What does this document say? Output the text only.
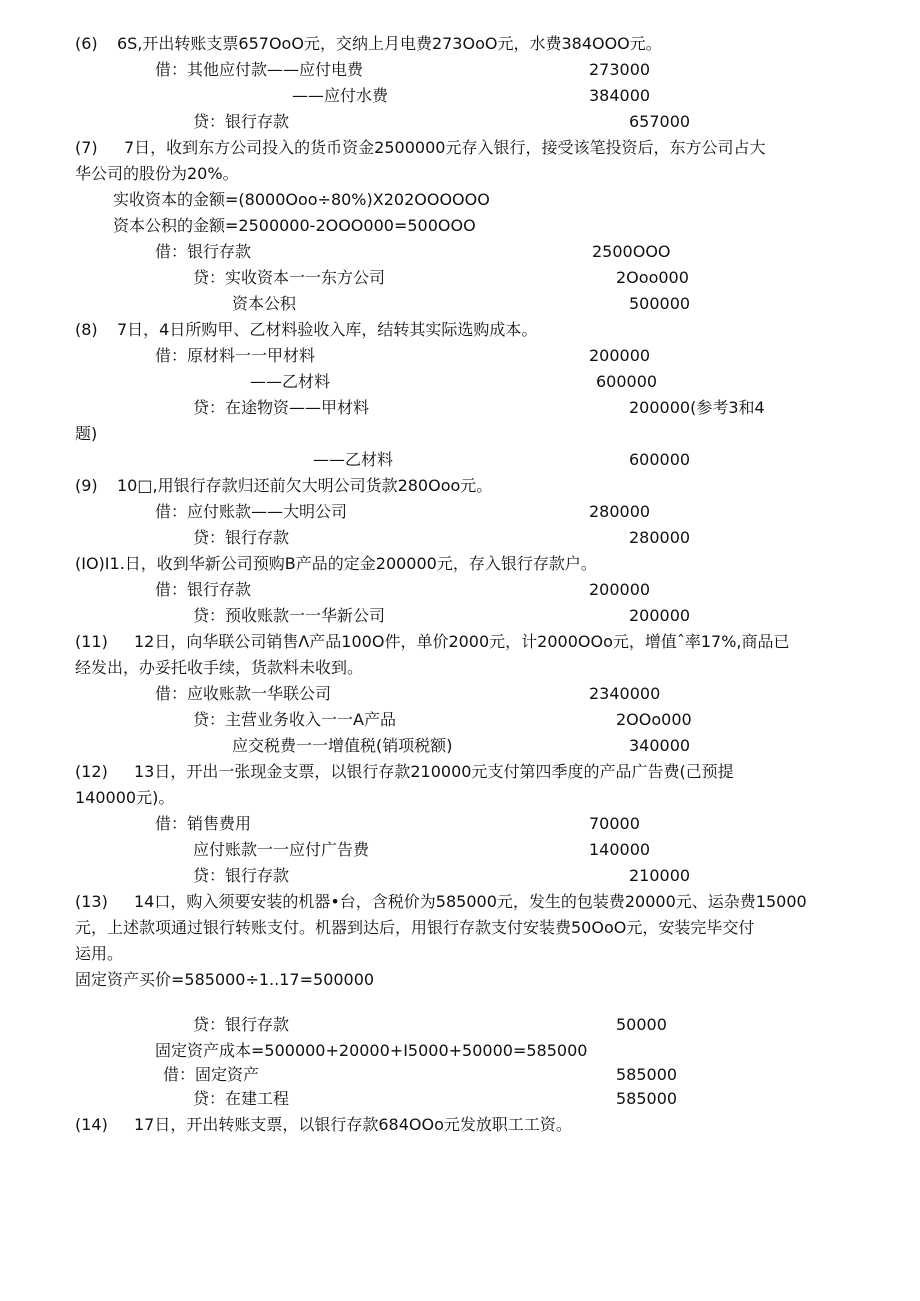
(6) 6S,开出转账支票657OoO元，交纳上月电费273OoO元，水费384OOO元。
借：其他应付款——应付电费	273000
——应付水费	384000
贷：银行存款	657000
(7) 7日，收到东方公司投入的货币资金2500000元存入银行，接受该笔投资后，东方公司占大
华公司的股份为20%。
实收资本的金额=(8000Ooo÷80%)X202OOOOOO
资本公积的金额=2500000-2OOO000=500OOO
借：银行存款	2500OOO
贷：实收资本一一东方公司	2Ooo000
资本公积	500000
(8) 7日，4日所购甲、乙材料验收入库，结转其实际选购成本。
借：原材料一一甲材料	200000
——乙材料	600000
贷：在途物资——甲材料	200000(参考3和4
题)
——乙材料	600000
(9) 10□,用银行存款归还前欠大明公司货款280Ooo元。
借：应付账款——大明公司	280000
贷：银行存款	280000
(IO)I1.日，收到华新公司预购B产品的定金200000元，存入银行存款户。
借：银行存款	200000
贷：预收账款一一华新公司	200000
(11) 12日，向华联公司销售Λ产品100O件，单价2000元，计2000OOo元，增值ˆ率17%,商品已
经发出，办妥托收手续，货款料未收到。
借：应收账款一华联公司	2340000
贷：主营业务收入一一A产品	2OOo000
应交税费一一增值税(销项税额)	340000
(12) 13日，开出一张现金支票，以银行存款210000元支付第四季度的产品广告费(己预提
140000元)。
借：销售费用	70000
应付账款一一应付广告费	140000
贷：银行存款	210000
(13) 14口，购入须要安装的机器•台，含税价为585000元，发生的包装费20000元、运杂费15000
元，上述款项通过银行转账支付。机器到达后，用银行存款支付安装费50OoO元，安装完毕交付
运用。
固定资产买价=585000÷1..17=500000
贷：银行存款	50000
固定资产成本=500000+20000+I5000+50000=585000
借：固定资产	585000
贷：在建工程	585000
(14) 17日，开出转账支票，以银行存款684OOo元发放职工工资。
